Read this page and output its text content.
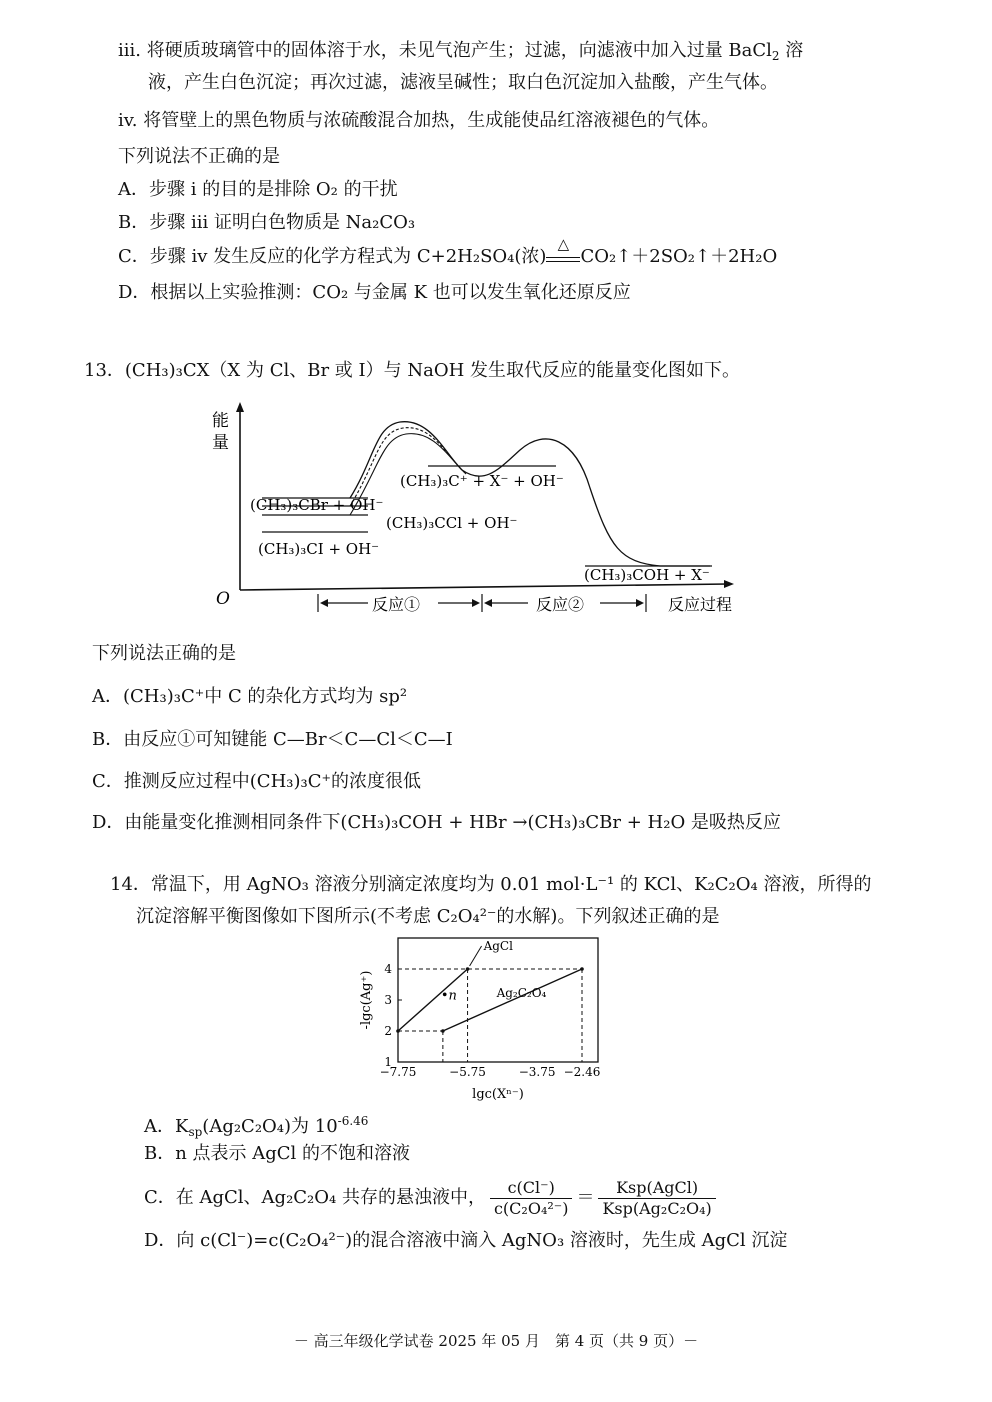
iii. 将硬质玻璃管中的固体溶于水，未见气泡产生；过滤，向滤液中加入过量 BaCl$_2$ 溶
液，产生白色沉淀；再次过滤，滤液呈碱性；取白色沉淀加入盐酸，产生气体。
iv. 将管壁上的黑色物质与浓硫酸混合加热，生成能使品红溶液褪色的气体。
下列说法不正确的是
A．步骤 i 的目的是排除 O₂ 的干扰
B．步骤 iii 证明白色物质是 Na₂CO₃
C．步骤 iv 发生反应的化学方程式为 C+2H₂SO₄(浓)
△
CO₂↑＋2SO₂↑＋2H₂O
D．根据以上实验推测：CO₂ 与金属 K 也可以发生氧化还原反应
13．(CH₃)₃CX（X 为 Cl、Br 或 I）与 NaOH 发生取代反应的能量变化图如下。
能
量
O
(CH₃)₃C⁺ + X⁻ + OH⁻
(CH₃)₃CBr + OH⁻
(CH₃)₃CCl + OH⁻
(CH₃)₃CI + OH⁻
(CH₃)₃COH + X⁻
反应①	反应②	反应过程
下列说法正确的是
A．(CH₃)₃C⁺中 C 的杂化方式均为 sp²
B．由反应①可知键能 C—Br＜C—Cl＜C—I
C．推测反应过程中(CH₃)₃C⁺的浓度很低
D．由能量变化推测相同条件下(CH₃)₃COH + HBr →(CH₃)₃CBr + H₂O 是吸热反应
14．常温下，用 AgNO₃ 溶液分别滴定浓度均为 0.01 mol·L⁻¹ 的 KCl、K₂C₂O₄ 溶液，所得的
沉淀溶解平衡图像如下图所示(不考虑 C₂O₄²⁻的水解)。下列叙述正确的是
-lgc(Ag⁺)
lgc(Xⁿ⁻)
1
2
3
4
−7.75	−5.75	−3.75 −2.46
AgCl
Ag₂C₂O₄
•n
A．$K_{sp}(Ag_2C_2O_4)$为 $10^{-6.46}$
B．n 点表示 AgCl 的不饱和溶液
C．在 AgCl、Ag₂C₂O₄ 共存的悬浊液中， $\frac{c(Cl^-)}{\text{c(C₂O₄²⁻)}} = \frac{\text{Ksp(AgCl)}}{\text{Ksp(Ag₂C₂O₄)}}$
D．向 c(Cl⁻)=c(C₂O₄²⁻)的混合溶液中滴入 AgNO₃ 溶液时，先生成 AgCl 沉淀
－ 高三年级化学试卷 2025 年 05 月　第 4 页（共 9 页）－
